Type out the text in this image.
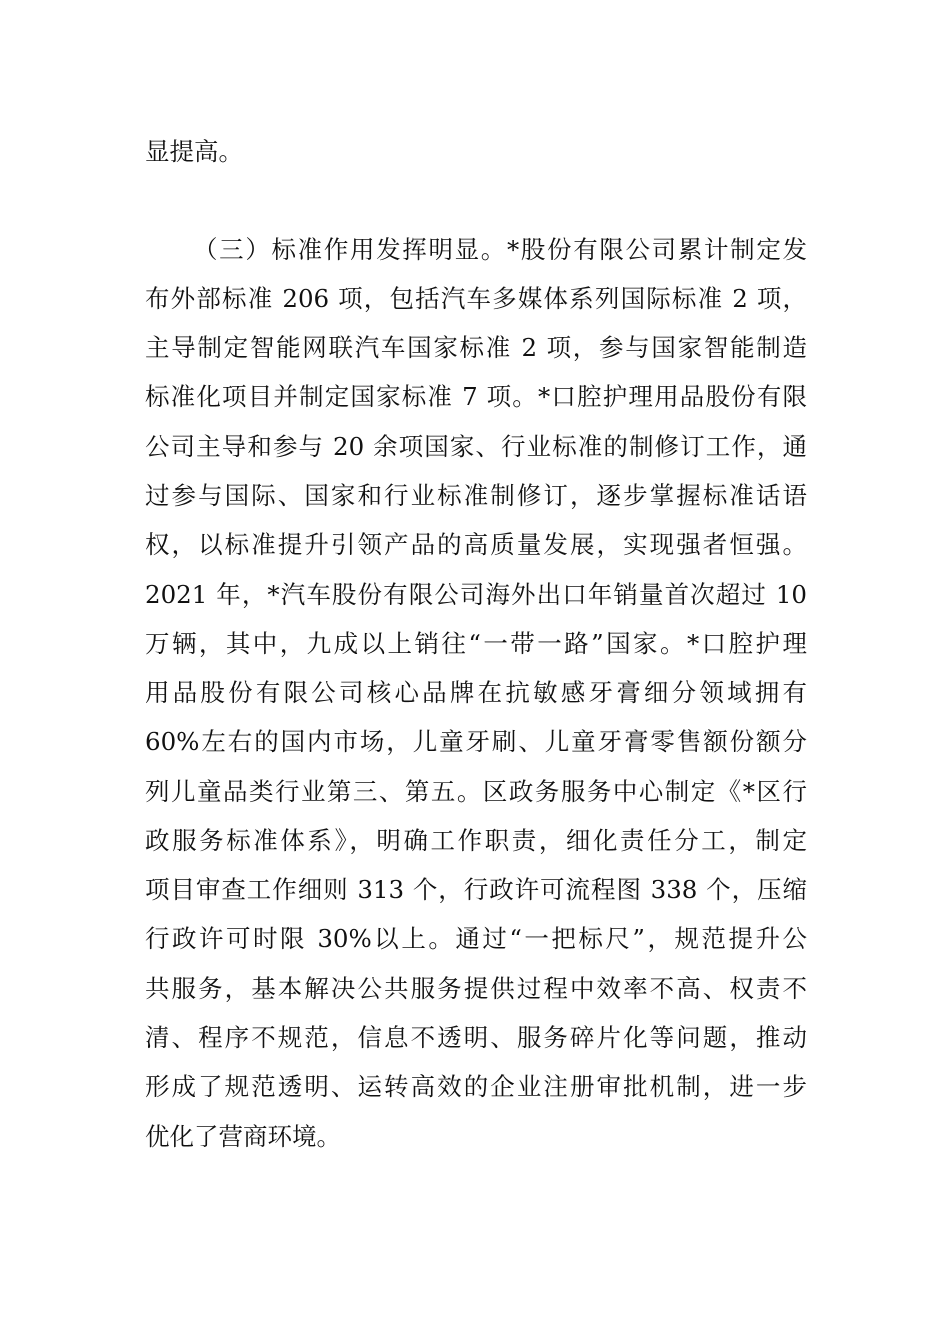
显提高。
（三）标准作用发挥明显。*股份有限公司累计制定发
布外部标准 206 项，包括汽车多媒体系列国际标准 2 项，
主导制定智能网联汽车国家标准 2 项，参与国家智能制造
标准化项目并制定国家标准 7 项。*口腔护理用品股份有限
公司主导和参与 20 余项国家、行业标准的制修订工作，通
过参与国际、国家和行业标准制修订，逐步掌握标准话语
权，以标准提升引领产品的高质量发展，实现强者恒强。
2021 年，*汽车股份有限公司海外出口年销量首次超过 10
万辆，其中，九成以上销往“一带一路”国家。*口腔护理
用品股份有限公司核心品牌在抗敏感牙膏细分领域拥有
60%左右的国内市场，儿童牙刷、儿童牙膏零售额份额分
列儿童品类行业第三、第五。区政务服务中心制定《*区行
政服务标准体系》，明确工作职责，细化责任分工，制定
项目审查工作细则 313 个，行政许可流程图 338 个，压缩
行政许可时限 30%以上。通过“一把标尺”，规范提升公
共服务，基本解决公共服务提供过程中效率不高、权责不
清、程序不规范，信息不透明、服务碎片化等问题，推动
形成了规范透明、运转高效的企业注册审批机制，进一步
优化了营商环境。
